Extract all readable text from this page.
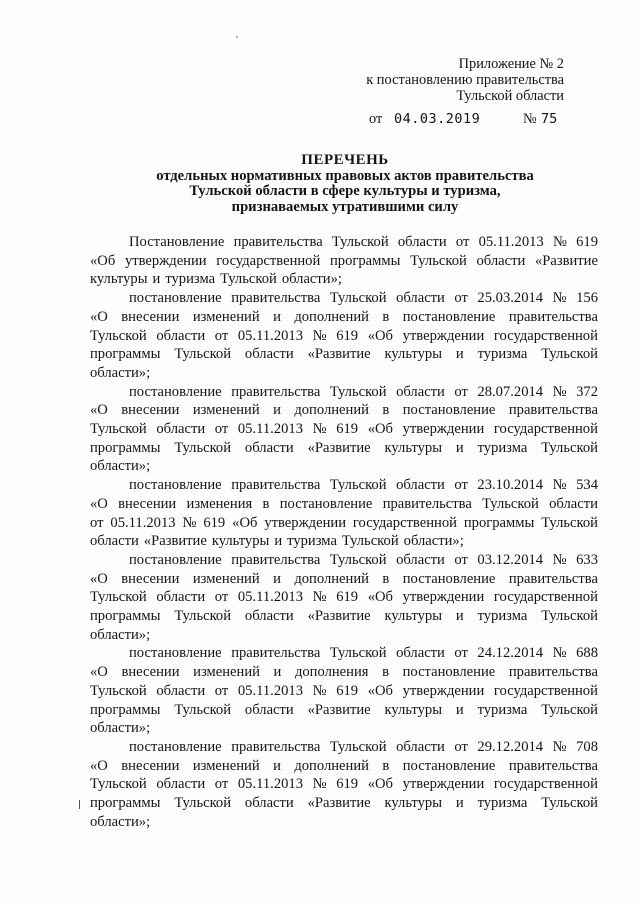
Приложение № 2
к постановлению правительства
Тульской области
от 04.03.2019	№ 75
ПЕРЕЧЕНЬ
отдельных нормативных правовых актов правительства
Тульской области в сфере культуры и туризма,
признаваемых утратившими силу
Постановление правительства Тульской области от 05.11.2013 № 619
«Об утверждении государственной программы Тульской области «Развитие
культуры и туризма Тульской области»;
постановление правительства Тульской области от 25.03.2014 № 156
«О внесении изменений и дополнений в постановление правительства
Тульской области от 05.11.2013 № 619 «Об утверждении государственной
программы Тульской области «Развитие культуры и туризма Тульской
области»;
постановление правительства Тульской области от 28.07.2014 № 372
«О внесении изменений и дополнений в постановление правительства
Тульской области от 05.11.2013 № 619 «Об утверждении государственной
программы Тульской области «Развитие культуры и туризма Тульской
области»;
постановление правительства Тульской области от 23.10.2014 № 534
«О внесении изменения в постановление правительства Тульской области
от 05.11.2013 № 619 «Об утверждении государственной программы Тульской
области «Развитие культуры и туризма Тульской области»;
постановление правительства Тульской области от 03.12.2014 № 633
«О внесении изменений и дополнений в постановление правительства
Тульской области от 05.11.2013 № 619 «Об утверждении государственной
программы Тульской области «Развитие культуры и туризма Тульской
области»;
постановление правительства Тульской области от 24.12.2014 № 688
«О внесении изменений и дополнения в постановление правительства
Тульской области от 05.11.2013 № 619 «Об утверждении государственной
программы Тульской области «Развитие культуры и туризма Тульской
области»;
постановление правительства Тульской области от 29.12.2014 № 708
«О внесении изменений и дополнений в постановление правительства
Тульской области от 05.11.2013 № 619 «Об утверждении государственной
программы Тульской области «Развитие культуры и туризма Тульской
области»;
